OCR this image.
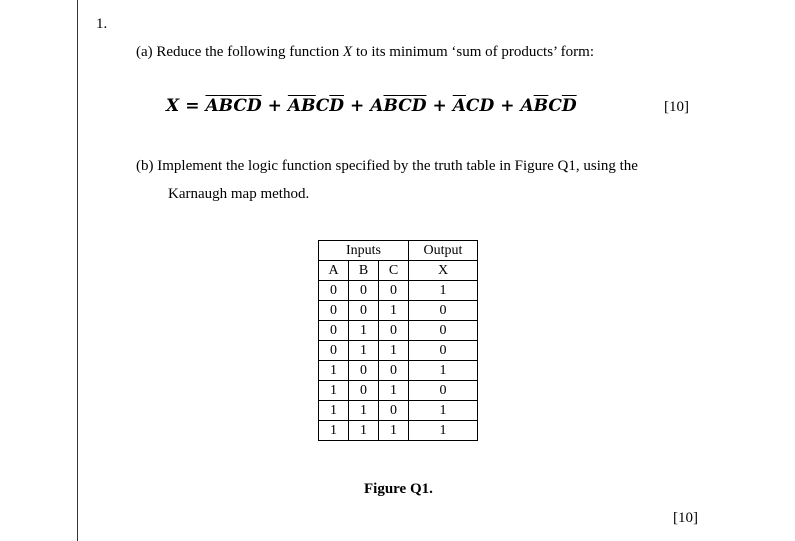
1.
(a) Reduce the following function X to its minimum ‘sum of products’ form:
$X = \overline{A}\overline{B}\overline{C}\overline{D} + \overline{A}\overline{B}C\overline{D} + A\overline{B}\overline{C}\overline{D} + \overline{A}CD + A\overline{B}C\overline{D}$	[10]
(b) Implement the logic function specified by the truth table in Figure Q1, using the
Karnaugh map method.
Inputs			Output
A	B	C	X
0	0	0	1
0	0	1	0
0	1	0	0
0	1	1	0
1	0	0	1
1	0	1	0
1	1	0	1
1	1	1	1
Figure Q1.
[10]
